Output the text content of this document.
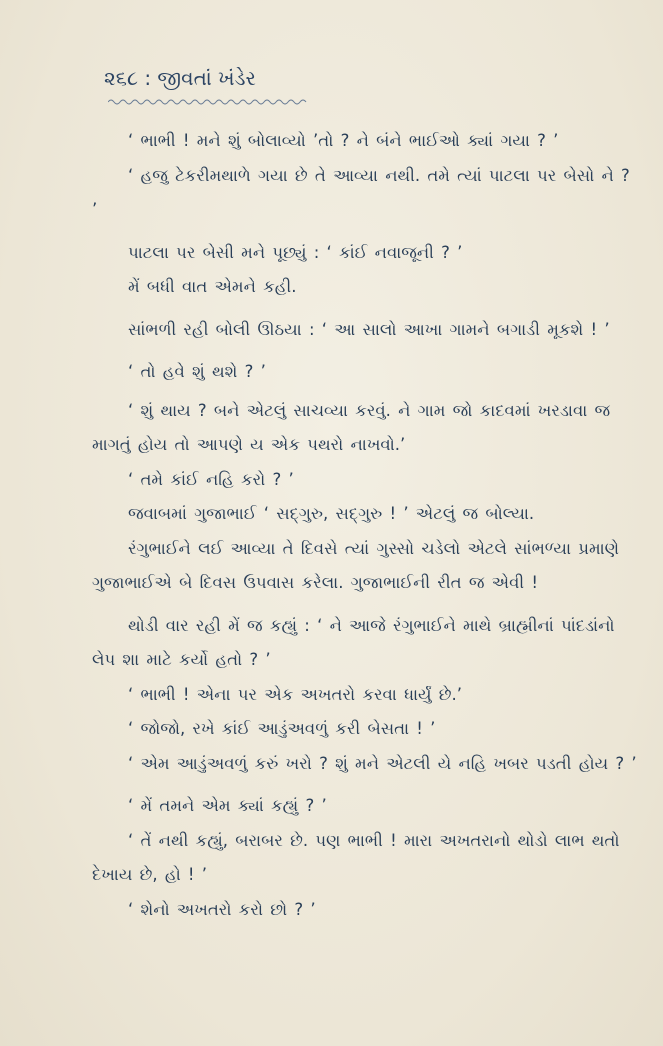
૨૬૮ : જીવતાં ખંડેર

‘ ભાભી ! મને શું બોલાવ્યો ’તો ? ને બંને ભાઈઓ ક્યાં ગયા ? ’

‘ હજુ ટેકરીમથાળે ગયા છે તે આવ્યા નથી. તમે ત્યાં પાટલા પર બેસો ને ? ’

પાટલા પર બેસી મને પૂછ્યું : ‘ કાંઈ નવાજૂની ? ’

મેં બધી વાત એમને કહી.

સાંભળી રહી બોલી ઊઠયા : ‘ આ સાલો આખા ગામને બગાડી મૂકશે ! ’

‘ તો હવે શું થશે ? ’

‘ શું થાય ? બને એટલું સાચવ્યા કરવું. ને ગામ જો કાદવમાં ખરડાવા જ માગતું હોય તો આપણે ય એક પથરો નાખવો.’

‘ તમે કાંઈ નહિ કરો ? ’

જવાબમાં ગુજાભાઈ ‘ સદ્‌ગુરુ, સદ્‌ગુરુ ! ’ એટલું જ બોલ્યા.

રંગુભાઈને લઈ આવ્યા તે દિવસે ત્યાં ગુસ્સો ચડેલો એટલે સાંભળ્યા પ્રમાણે ગુજાભાઈએ બે દિવસ ઉપવાસ કરેલા. ગુજાભાઈની રીત જ એવી !

થોડી વાર રહી મેં જ કહ્યું : ‘ ને આજે રંગુભાઈને માથે બ્રાહ્મીનાં પાંદડાંનો લેપ શા માટે કર્યો હતો ? ’

‘ ભાભી ! એના પર એક અખતરો કરવા ધાર્યું છે.’

‘ જોજો, રખે કાંઈ આડુંઅવળું કરી બેસતા ! ’

‘ એમ આડુંઅવળું કરું ખરો ? શું મને એટલી યે નહિ ખબર પડતી હોય ? ’

‘ મેં તમને એમ ક્યાં કહ્યું ? ’

‘ તેં નથી કહ્યું, બરાબર છે. પણ ભાભી ! મારા અખતરાનો થોડો લાભ થતો દેખાય છે, હો ! ’

‘ શેનો અખતરો કરો છો ? ’
